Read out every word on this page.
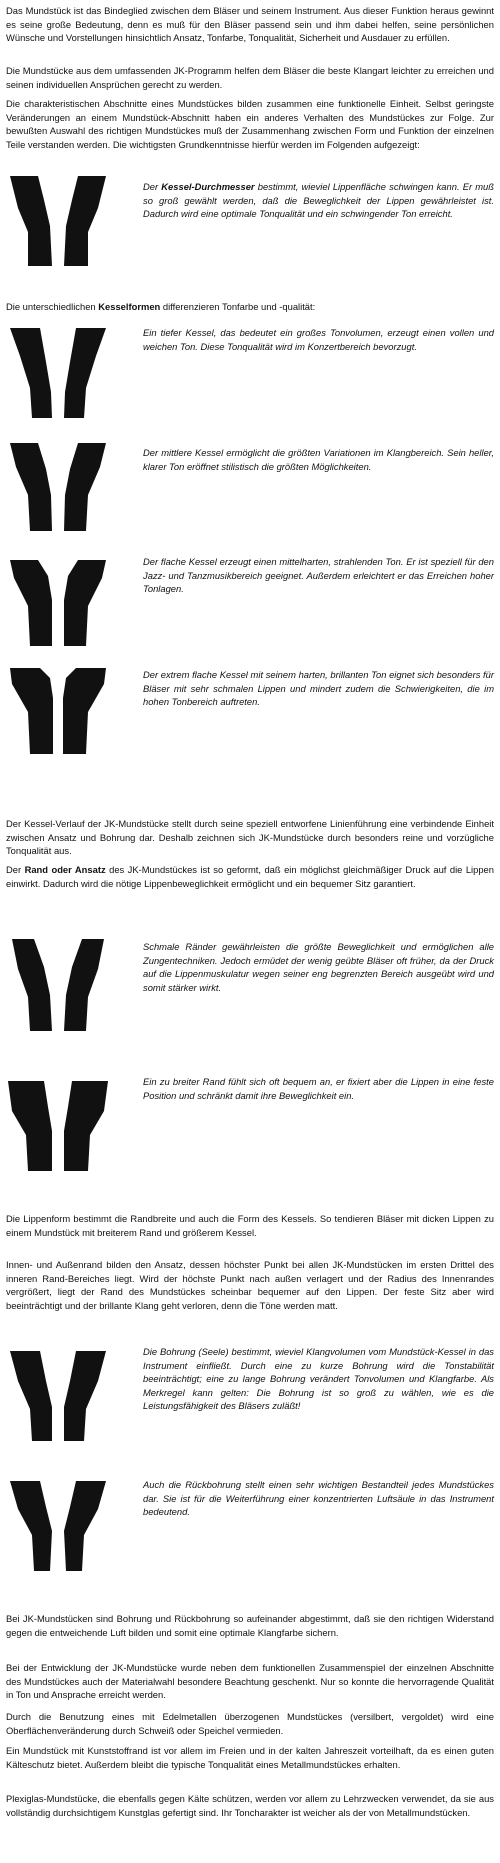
Das Mundstück ist das Bindeglied zwischen dem Bläser und seinem Instrument. Aus dieser Funktion heraus gewinnt es seine große Bedeutung, denn es muß für den Bläser passend sein und ihm dabei helfen, seine persönlichen Wünsche und Vorstellungen hinsichtlich Ansatz, Tonfarbe, Tonqualität, Sicherheit und Ausdauer zu erfüllen.

Die Mundstücke aus dem umfassenden JK-Programm helfen dem Bläser die beste Klangart leichter zu erreichen und seinen individuellen Ansprüchen gerecht zu werden.

Die charakteristischen Abschnitte eines Mundstückes bilden zusammen eine funktionelle Einheit. Selbst geringste Veränderungen an einem Mundstück-Abschnitt haben ein anderes Verhalten des Mundstückes zur Folge. Zur bewußten Auswahl des richtigen Mundstückes muß der Zusammenhang zwischen Form und Funktion der einzelnen Teile verstanden werden. Die wichtigsten Grundkenntnisse hierfür werden im Folgenden aufgezeigt:

Der Kessel-Durchmesser bestimmt, wieviel Lippenfläche schwingen kann. Er muß so groß gewählt werden, daß die Beweglichkeit der Lippen gewährleistet ist. Dadurch wird eine optimale Tonqualität und ein schwingender Ton erreicht.

Die unterschiedlichen Kesselformen differenzieren Tonfarbe und -qualität:

Ein tiefer Kessel, das bedeutet ein großes Tonvolumen, erzeugt einen vollen und weichen Ton. Diese Tonqualität wird im Konzertbereich bevorzugt.

Der mittlere Kessel ermöglicht die größten Variationen im Klangbereich. Sein heller, klarer Ton eröffnet stilistisch die größten Möglichkeiten.

Der flache Kessel erzeugt einen mittelharten, strahlenden Ton. Er ist speziell für den Jazz- und Tanzmusikbereich geeignet. Außerdem erleichtert er das Erreichen hoher Tonlagen.

Der extrem flache Kessel mit seinem harten, brillanten Ton eignet sich besonders für Bläser mit sehr schmalen Lippen und mindert zudem die Schwierigkeiten, die im hohen Tonbereich auftreten.

Der Kessel-Verlauf der JK-Mundstücke stellt durch seine speziell entworfene Linienführung eine verbindende Einheit zwischen Ansatz und Bohrung dar. Deshalb zeichnen sich JK-Mundstücke durch besonders reine und vorzügliche Tonqualität aus.

Der Rand oder Ansatz des JK-Mundstückes ist so geformt, daß ein möglichst gleichmäßiger Druck auf die Lippen einwirkt. Dadurch wird die nötige Lippenbeweglichkeit ermöglicht und ein bequemer Sitz garantiert.

Schmale Ränder gewährleisten die größte Beweglichkeit und ermöglichen alle Zungentechniken. Jedoch ermüdet der wenig geübte Bläser oft früher, da der Druck auf die Lippenmuskulatur wegen seiner eng begrenzten Bereich ausgeübt wird und somit stärker wirkt.

Ein zu breiter Rand fühlt sich oft bequem an, er fixiert aber die Lippen in eine feste Position und schränkt damit ihre Beweglichkeit ein.

Die Lippenform bestimmt die Randbreite und auch die Form des Kessels. So tendieren Bläser mit dicken Lippen zu einem Mundstück mit breiterem Rand und größerem Kessel.

Innen- und Außenrand bilden den Ansatz, dessen höchster Punkt bei allen JK-Mundstücken im ersten Drittel des inneren Rand-Bereiches liegt. Wird der höchste Punkt nach außen verlagert und der Radius des Innenrandes vergrößert, liegt der Rand des Mundstückes scheinbar bequemer auf den Lippen. Der feste Sitz aber wird beeinträchtigt und der brillante Klang geht verloren, denn die Töne werden matt.

Die Bohrung (Seele) bestimmt, wieviel Klangvolumen vom Mundstück-Kessel in das Instrument einfließt. Durch eine zu kurze Bohrung wird die Tonstabilität beeinträchtigt; eine zu lange Bohrung verändert Tonvolumen und Klangfarbe. Als Merkregel kann gelten: Die Bohrung ist so groß zu wählen, wie es die Leistungsfähigkeit des Bläsers zuläßt!

Auch die Rückbohrung stellt einen sehr wichtigen Bestandteil jedes Mundstückes dar. Sie ist für die Weiterführung einer konzentrierten Luftsäule in das Instrument bedeutend.

Bei JK-Mundstücken sind Bohrung und Rückbohrung so aufeinander abgestimmt, daß sie den richtigen Widerstand gegen die entweichende Luft bilden und somit eine optimale Klangfarbe sichern.

Bei der Entwicklung der JK-Mundstücke wurde neben dem funktionellen Zusammenspiel der einzelnen Abschnitte des Mundstückes auch der Materialwahl besondere Beachtung geschenkt. Nur so konnte die hervorragende Qualität in Ton und Ansprache erreicht werden.

Durch die Benutzung eines mit Edelmetallen überzogenen Mundstückes (versilbert, vergoldet) wird eine Oberflächenveränderung durch Schweiß oder Speichel vermieden.

Ein Mundstück mit Kunststoffrand ist vor allem im Freien und in der kalten Jahreszeit vorteilhaft, da es einen guten Kälteschutz bietet. Außerdem bleibt die typische Tonqualität eines Metallmundstückes erhalten.

Plexiglas-Mundstücke, die ebenfalls gegen Kälte schützen, werden vor allem zu Lehrzwecken verwendet, da sie aus vollständig durchsichtigem Kunstglas gefertigt sind. Ihr Toncharakter ist weicher als der von Metallmundstücken.
